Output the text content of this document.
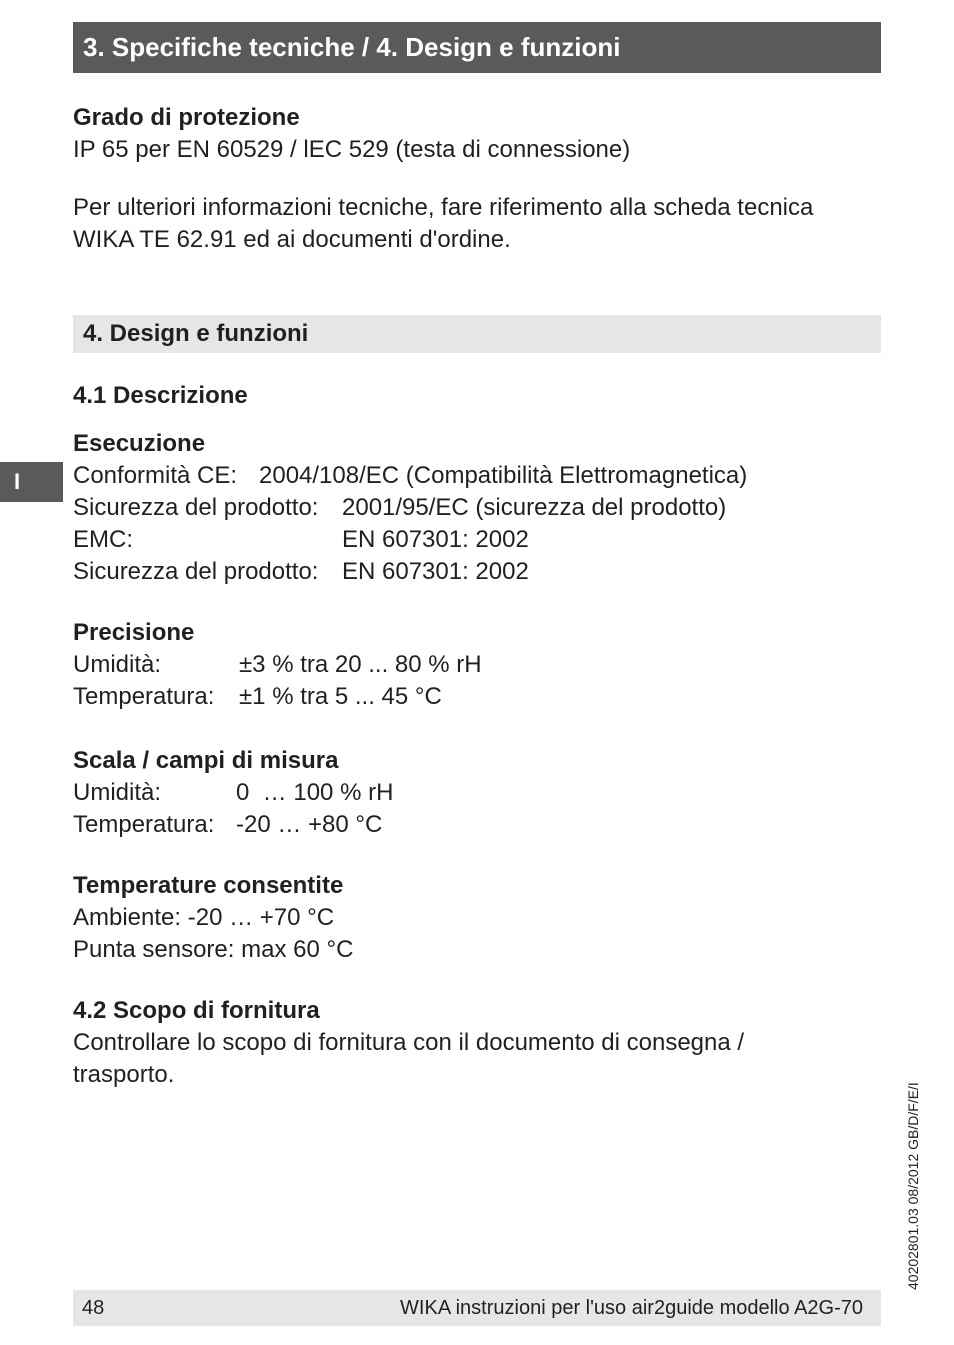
3. Specifiche tecniche / 4. Design e funzioni
Grado di protezione
IP 65 per EN 60529 / lEC 529 (testa di connessione)
Per ulteriori informazioni tecniche, fare riferimento alla scheda tecnica
WIKA TE 62.91 ed ai documenti d'ordine.
4. Design e funzioni
4.1 Descrizione
I
Esecuzione
Conformità CE: 2004/108/EC (Compatibilità Elettromagnetica)
Sicurezza del prodotto: 2001/95/EC (sicurezza del prodotto)
EMC:	EN 607301: 2002
Sicurezza del prodotto: EN 607301: 2002
Precisione
Umidità:	±3 % tra 20 ... 80 % rH
Temperatura:	±1 % tra 5 ... 45 °C
Scala / campi di misura
Umidità:	0  … 100 % rH
Temperatura: -20 … +80 °C
Temperature consentite
Ambiente: -20 … +70 °C
Punta sensore: max 60 °C
4.2 Scopo di fornitura
Controllare lo scopo di fornitura con il documento di consegna /
trasporto.
40202801.03 08/2012 GB/D/F/E/I
48	WIKA instruzioni per l'uso air2guide modello A2G-70
